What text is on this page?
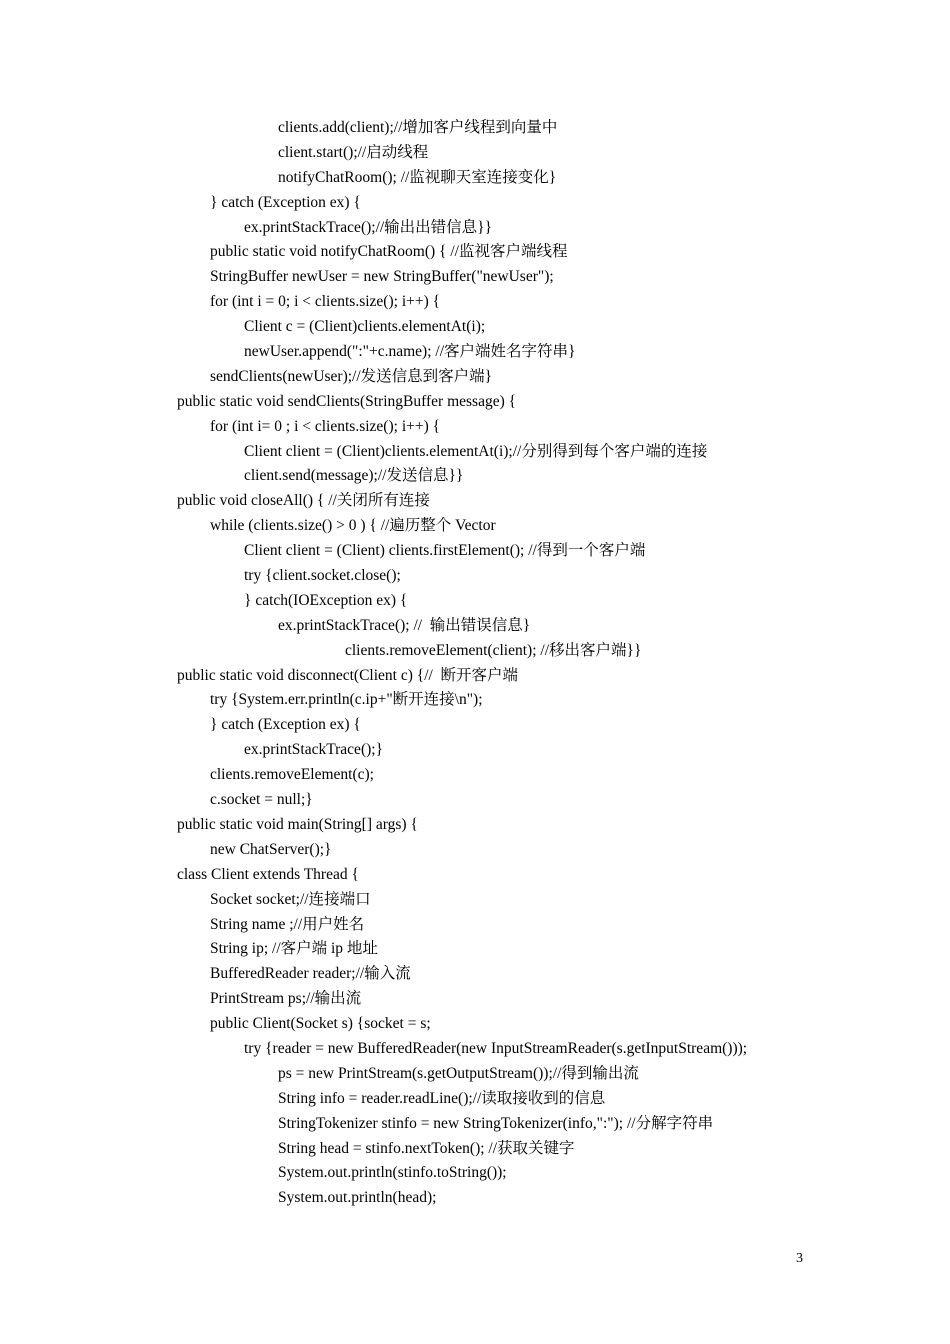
clients.add(client);//增加客户线程到向量中
client.start();//启动线程
notifyChatRoom(); //监视聊天室连接变化}
} catch (Exception ex) {
ex.printStackTrace();//输出出错信息}}
public static void notifyChatRoom() { //监视客户端线程
StringBuffer newUser = new StringBuffer("newUser");
for (int i = 0; i < clients.size(); i++) {
Client c = (Client)clients.elementAt(i);
newUser.append(":"+c.name); //客户端姓名字符串}
sendClients(newUser);//发送信息到客户端}
public static void sendClients(StringBuffer message) {
for (int i= 0 ; i < clients.size(); i++) {
Client client = (Client)clients.elementAt(i);//分别得到每个客户端的连接
client.send(message);//发送信息}}
public void closeAll() { //关闭所有连接
while (clients.size() > 0 ) { //遍历整个 Vector
Client client = (Client) clients.firstElement(); //得到一个客户端
try {client.socket.close();
} catch(IOException ex) {
ex.printStackTrace(); //  输出错误信息}
clients.removeElement(client); //移出客户端}}
public static void disconnect(Client c) {//  断开客户端
try {System.err.println(c.ip+"断开连接\n");
} catch (Exception ex) {
ex.printStackTrace();}
clients.removeElement(c);
c.socket = null;}
public static void main(String[] args) {
new ChatServer();}
class Client extends Thread {
Socket socket;//连接端口
String name ;//用户姓名
String ip; //客户端 ip 地址
BufferedReader reader;//输入流
PrintStream ps;//输出流
public Client(Socket s) {socket = s;
try {reader = new BufferedReader(new InputStreamReader(s.getInputStream()));
ps = new PrintStream(s.getOutputStream());//得到输出流
String info = reader.readLine();//读取接收到的信息
StringTokenizer stinfo = new StringTokenizer(info,":"); //分解字符串
String head = stinfo.nextToken(); //获取关键字
System.out.println(stinfo.toString());
System.out.println(head);
3
